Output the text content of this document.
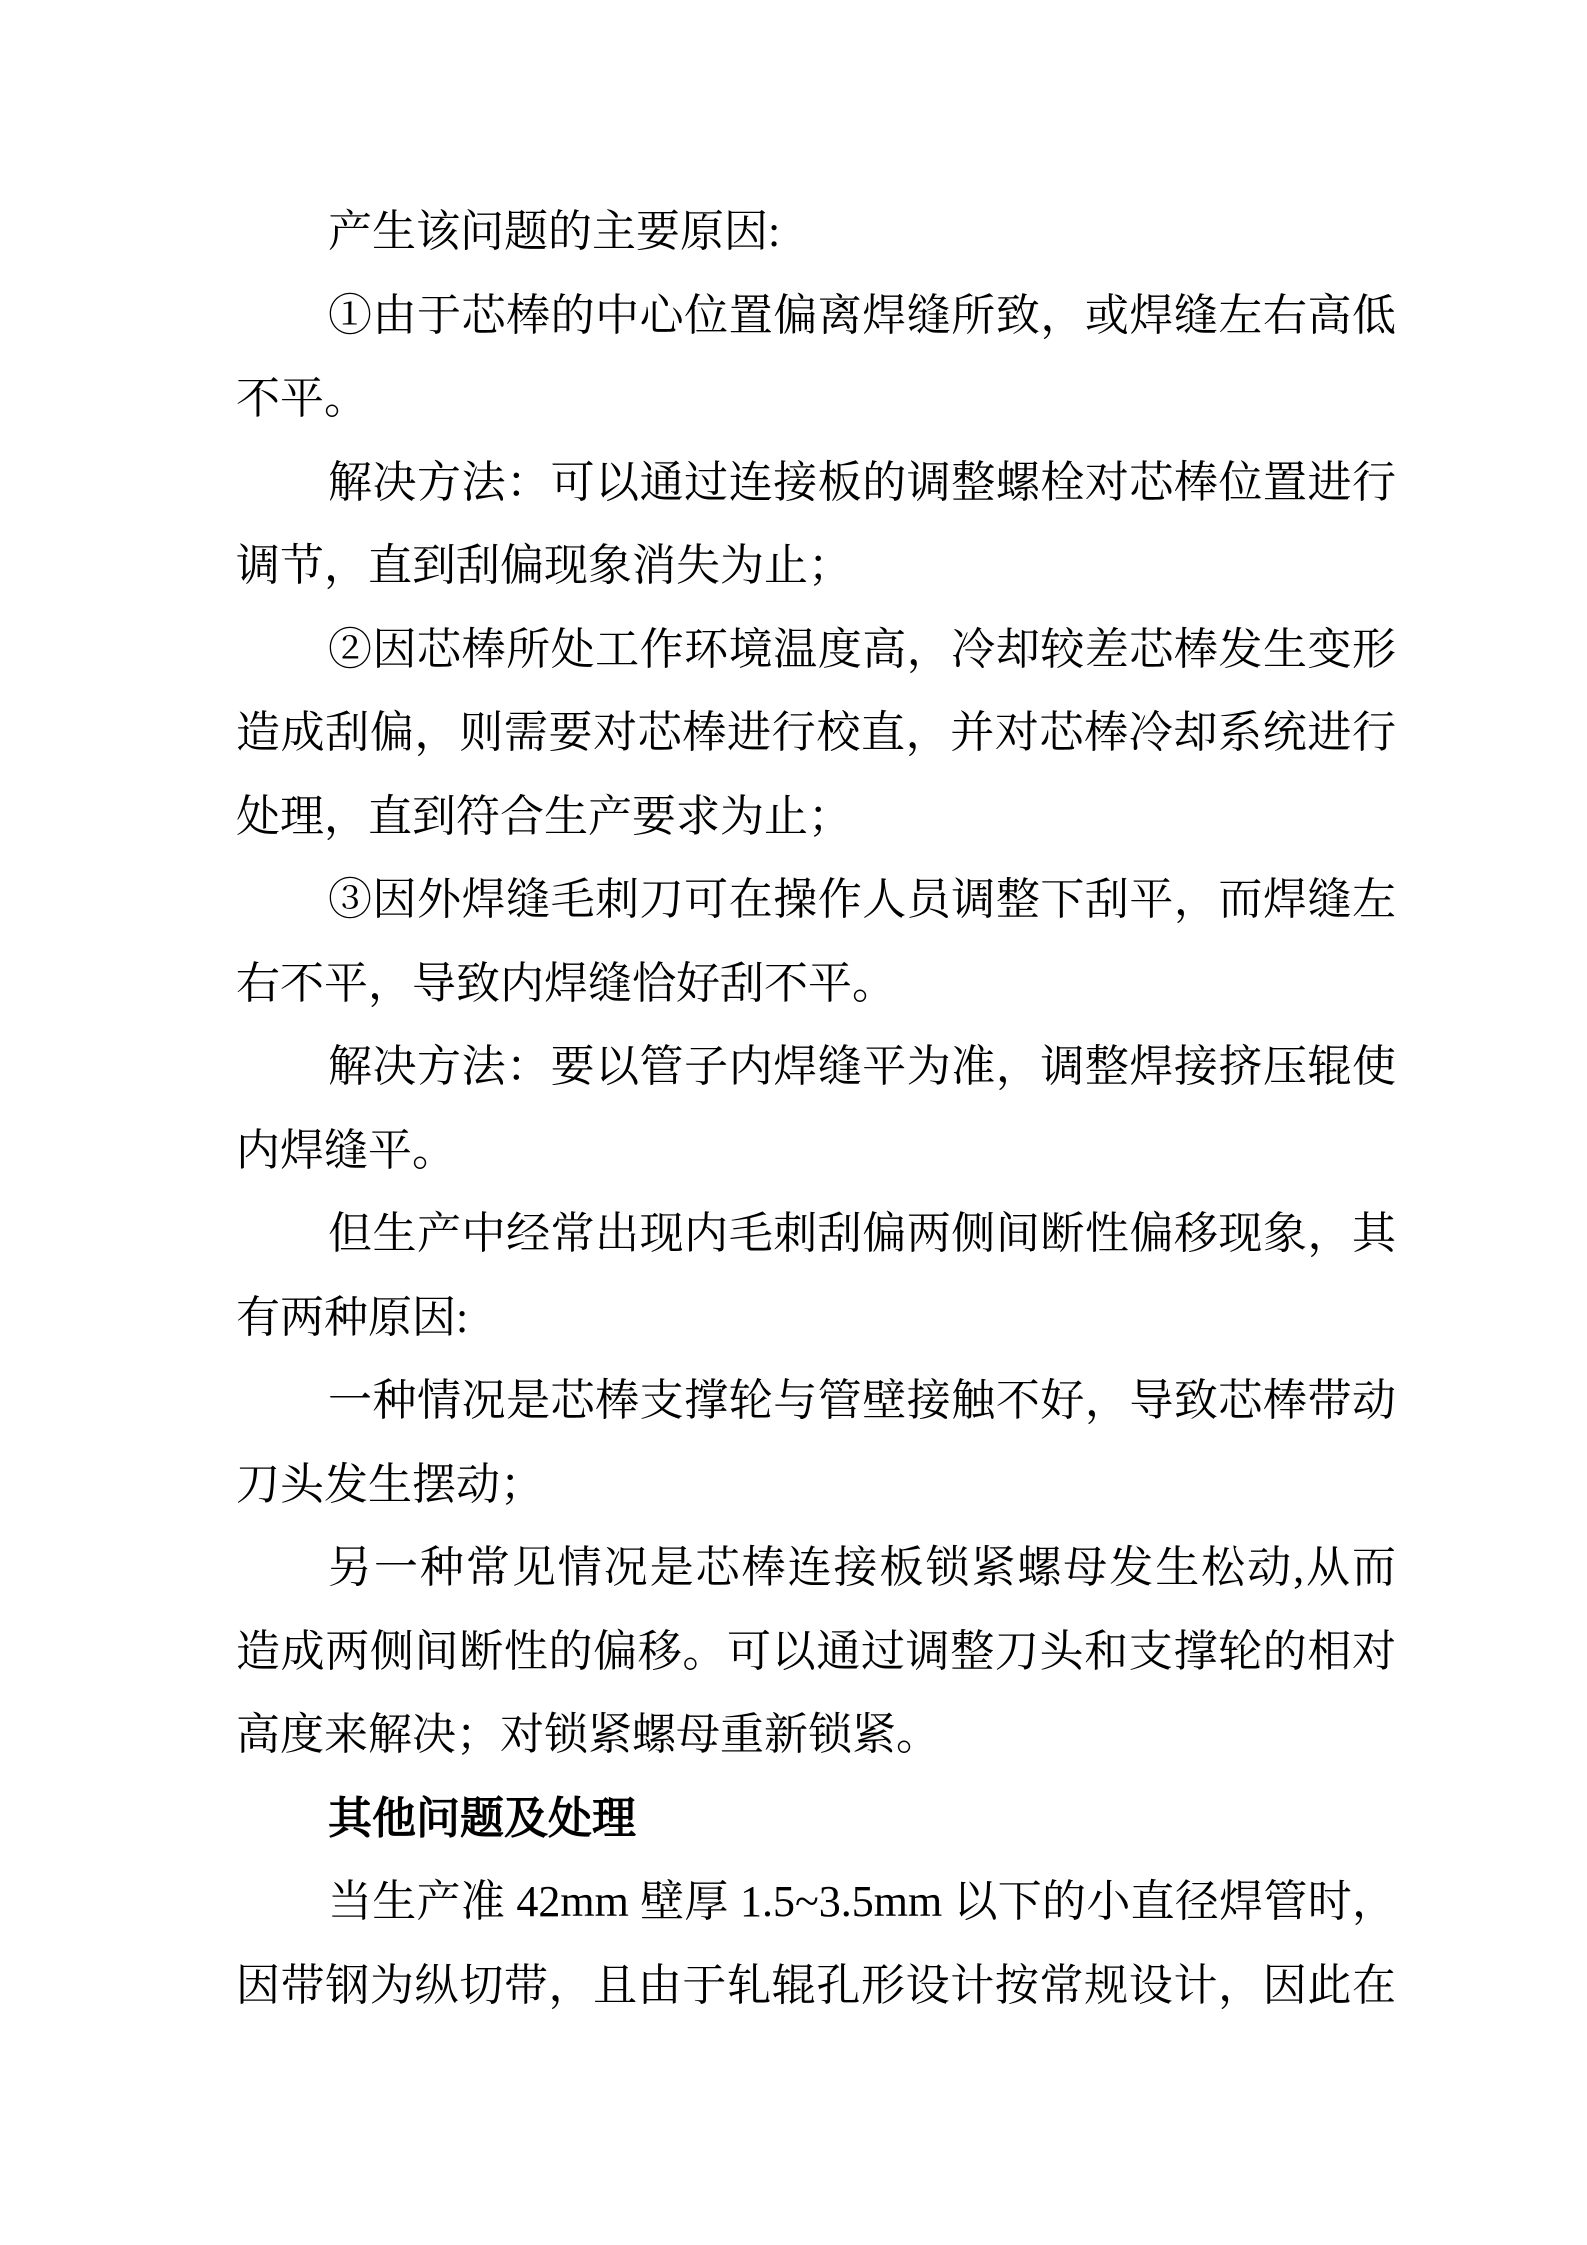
产生该问题的主要原因:
①由于芯棒的中心位置偏离焊缝所致，或焊缝左右高低
不平。
解决方法：可以通过连接板的调整螺栓对芯棒位置进行
调节，直到刮偏现象消失为止；
②因芯棒所处工作环境温度高，冷却较差芯棒发生变形
造成刮偏，则需要对芯棒进行校直，并对芯棒冷却系统进行
处理，直到符合生产要求为止；
③因外焊缝毛刺刀可在操作人员调整下刮平，而焊缝左
右不平，导致内焊缝恰好刮不平。
解决方法：要以管子内焊缝平为准，调整焊接挤压辊使
内焊缝平。
但生产中经常出现内毛刺刮偏两侧间断性偏移现象，其
有两种原因:
一种情况是芯棒支撑轮与管壁接触不好，导致芯棒带动
刀头发生摆动；
另一种常见情况是芯棒连接板锁紧螺母发生松动,从而
造成两侧间断性的偏移。可以通过调整刀头和支撑轮的相对
高度来解决；对锁紧螺母重新锁紧。
其他问题及处理
当生产准 42mm 壁厚 1.5~3.5mm 以下的小直径焊管时，
因带钢为纵切带，且由于轧辊孔形设计按常规设计，因此在
